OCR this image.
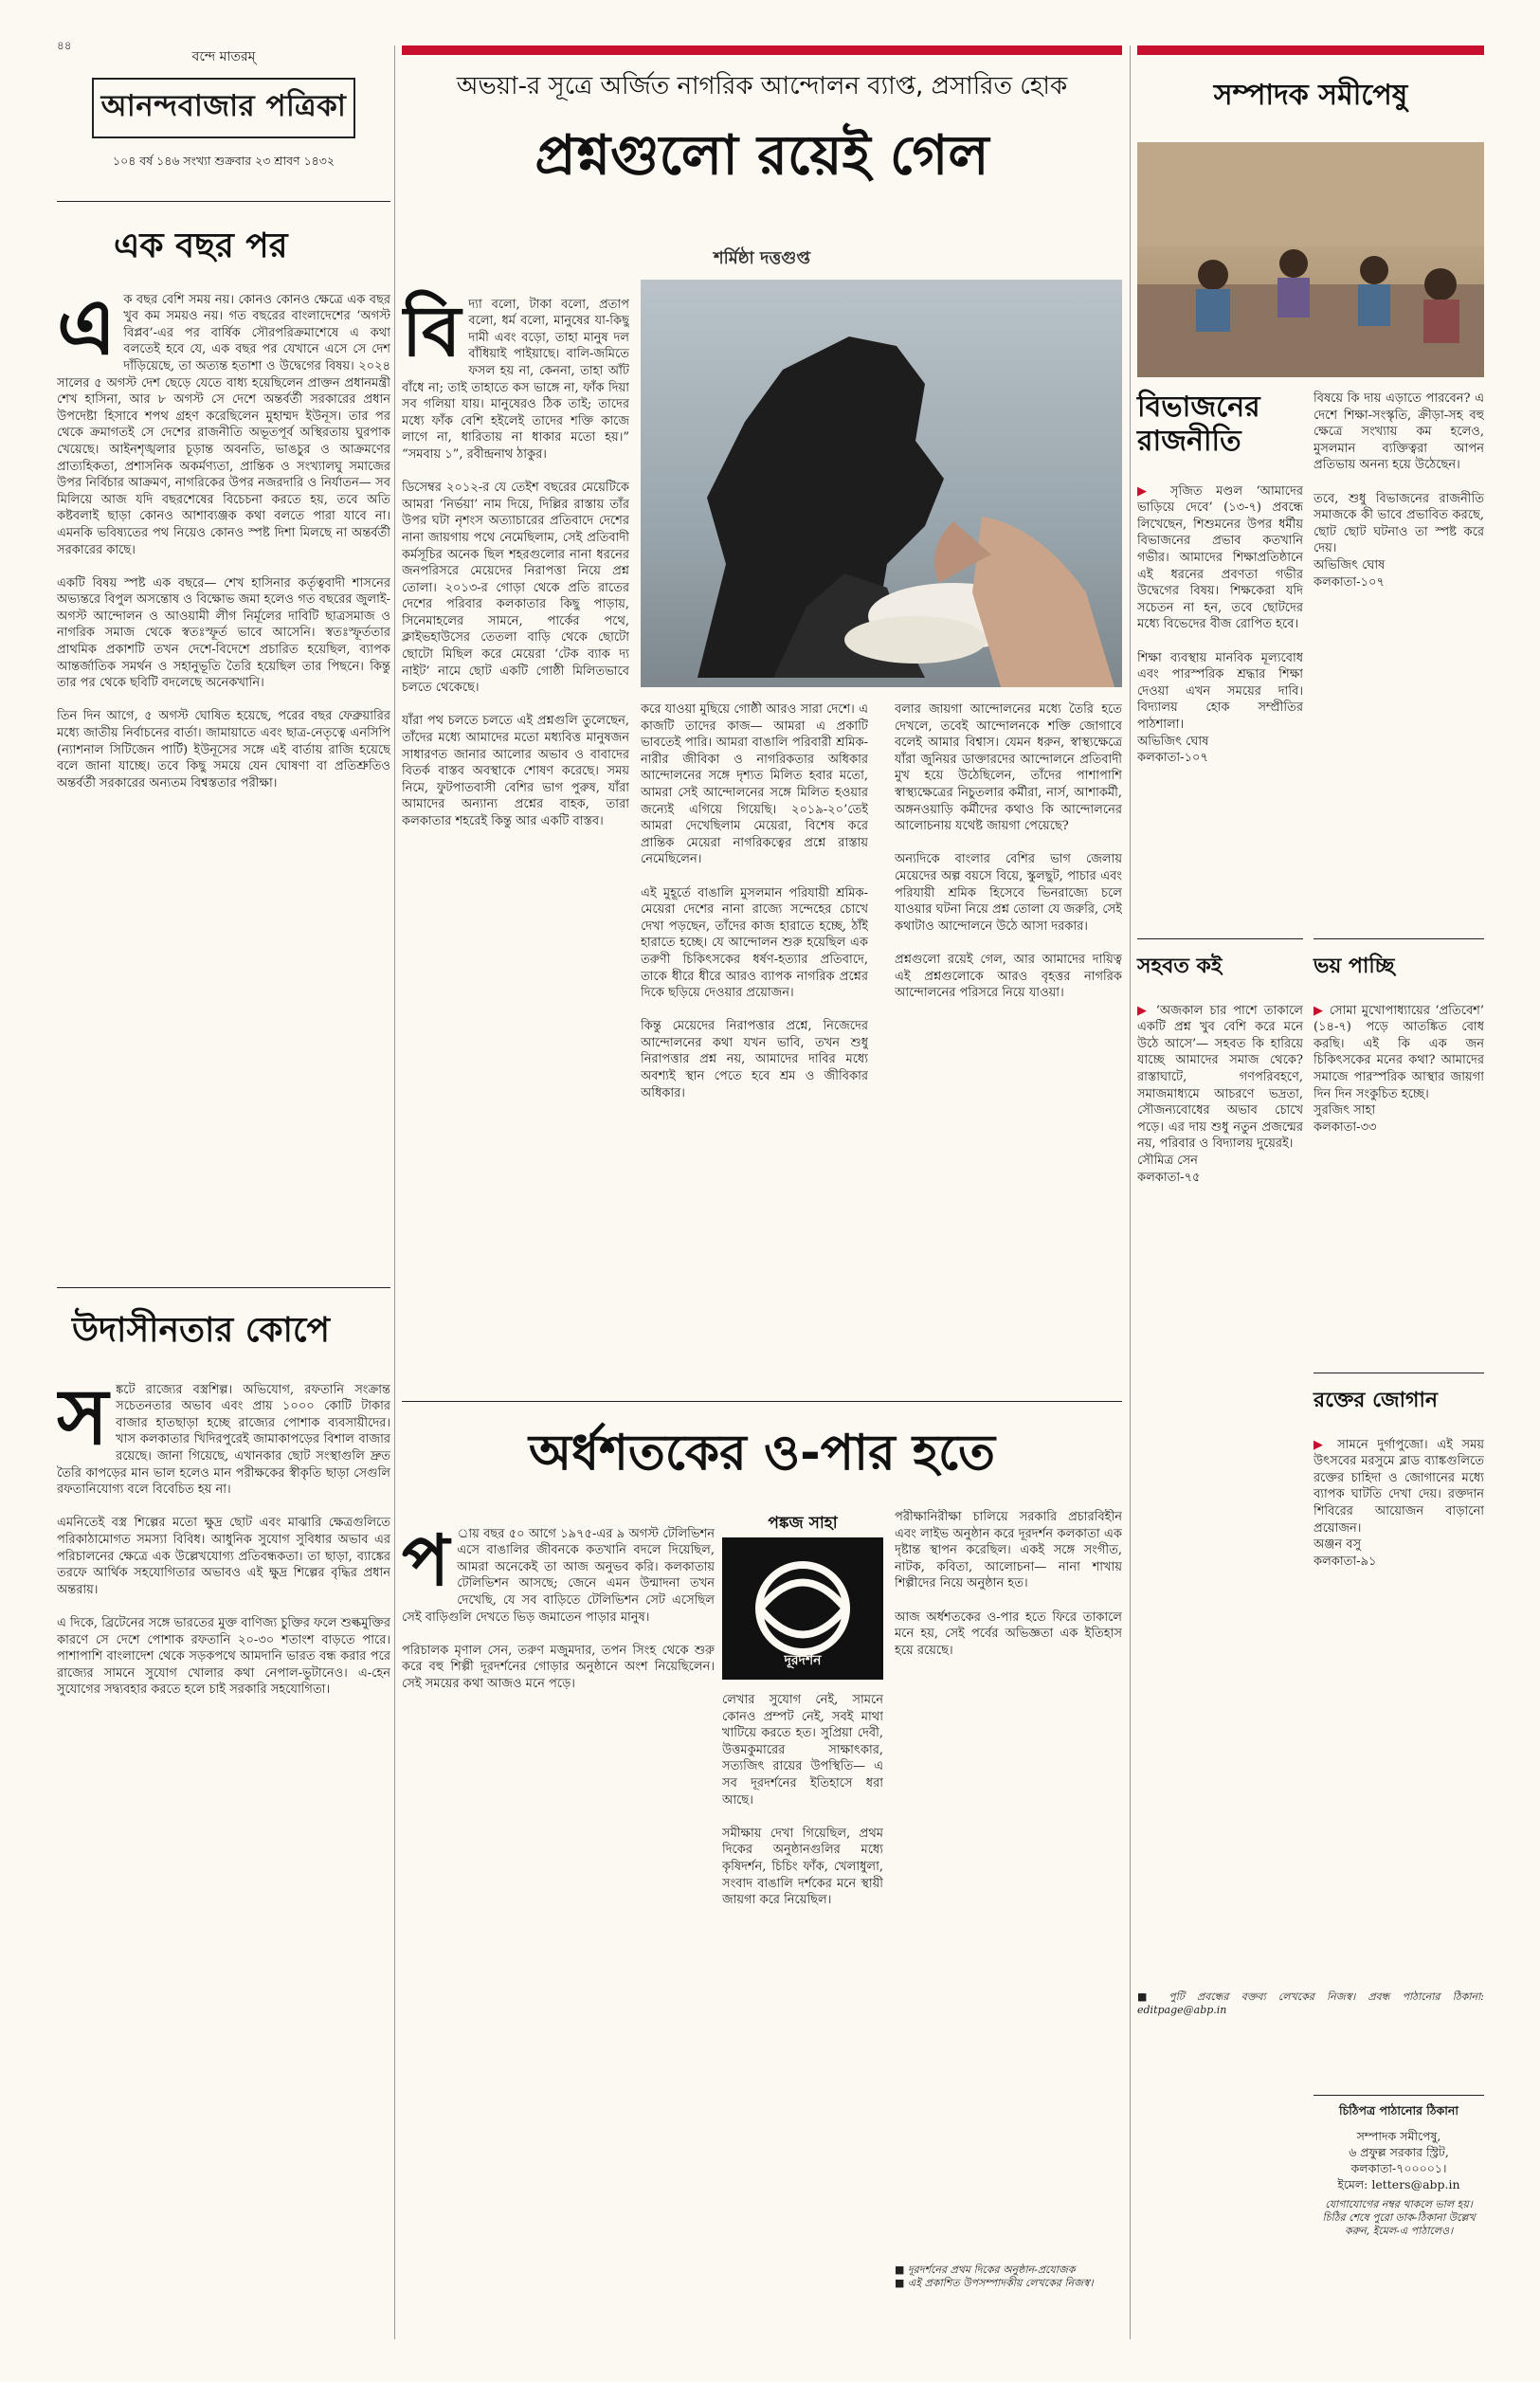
৪৪
বন্দে মাতরম্
আনন্দবাজার পত্রিকা
১০৪ বর্ষ ১৪৬ সংখ্যা শুক্রবার ২৩ শ্রাবণ ১৪৩২
এক বছর পর

এক বছর বেশি সময় নয়। কোনও কোনও ক্ষেত্রে এক বছর খুব কম সময়ও নয়। গত বছরের বাংলাদেশের ‘অগস্ট বিপ্লব’-এর পর বার্ষিক সৌরপরিক্রমাশেষে এ কথা বলতেই হবে যে, এক বছর পর যেখানে এসে সে দেশ দাঁড়িয়েছে, তা অত্যন্ত হতাশা ও উদ্বেগের বিষয়। ২০২৪ সালের ৫ অগস্ট দেশ ছেড়ে যেতে বাধ্য হয়েছিলেন প্রাক্তন প্রধানমন্ত্রী শেখ হাসিনা, আর ৮ অগস্ট সে দেশে অন্তর্বর্তী সরকারের প্রধান উপদেষ্টা হিসাবে শপথ গ্রহণ করেছিলেন মুহাম্মদ ইউনূস। তার পর থেকে ক্রমাগতই সে দেশের রাজনীতি অভূতপূর্ব অস্থিরতায় ঘুরপাক খেয়েছে। আইনশৃঙ্খলার চূড়ান্ত অবনতি, ভাঙচুর ও আক্রমণের প্রাত্যহিকতা, প্রশাসনিক অকর্মণ্যতা, প্রান্তিক ও সংখ্যালঘু সমাজের উপর নির্বিচার আক্রমণ, নাগরিকের উপর নজরদারি ও নির্যাতন— সব মিলিয়ে আজ যদি বছরশেষের বিচেচনা করতে হয়, তবে অতি কষ্টবলাই ছাড়া কোনও আশাব্যঞ্জক কথা বলতে পারা যাবে না। এমনকি ভবিষ্যতের পথ নিয়েও কোনও স্পষ্ট দিশা মিলছে না অন্তর্বর্তী সরকারের কাছে।

একটি বিষয় স্পষ্ট এক বছরে— শেখ হাসিনার কর্তৃত্ববাদী শাসনের অভ্যন্তরে বিপুল অসন্তোষ ও বিক্ষোভ জমা হলেও গত বছরের জুলাই-অগস্ট আন্দোলন ও আওয়ামী লীগ নির্মূলের দাবিটি ছাত্রসমাজ ও নাগরিক সমাজ থেকে স্বতঃস্ফূর্ত ভাবে আসেনি। স্বতঃস্ফূর্ততার প্রাথমিক প্রকাশটি তখন দেশে-বিদেশে প্রচারিত হয়েছিল, ব্যাপক আন্তর্জাতিক সমর্থন ও সহানুভূতি তৈরি হয়েছিল তার পিছনে। কিন্তু তার পর থেকে ছবিটি বদলেছে অনেকখানি।

তিন দিন আগে, ৫ অগস্ট ঘোষিত হয়েছে, পরের বছর ফেব্রুয়ারির মধ্যে জাতীয় নির্বাচনের বার্তা। জামায়াতে এবং ছাত্র-নেতৃত্বে এনসিপি (ন্যাশনাল সিটিজেন পার্টি) ইউনূসের সঙ্গে এই বার্তায় রাজি হয়েছে বলে জানা যাচ্ছে। তবে কিছু সময়ে যেন ঘোষণা বা প্রতিশ্রুতিও অন্তর্বর্তী সরকারের অন্যতম বিশ্বস্ততার পরীক্ষা।

উদাসীনতার কোপে

সঙ্কটে রাজ্যের বস্ত্রশিল্প। অভিযোগ, রফতানি সংক্রান্ত সচেতনতার অভাব এবং প্রায় ১০০০ কোটি টাকার বাজার হাতছাড়া হচ্ছে রাজ্যের পোশাক ব্যবসায়ীদের। খাস কলকাতার খিদিরপুরেই জামাকাপড়ের বিশাল বাজার রয়েছে। জানা গিয়েছে, এখানকার ছোট সংস্থাগুলি দ্রুত তৈরি কাপড়ের মান ভাল হলেও মান পরীক্ষকের স্বীকৃতি ছাড়া সেগুলি রফতানিযোগ্য বলে বিবেচিত হয় না।

এমনিতেই বস্ত্র শিল্পের মতো ক্ষুদ্র ছোট এবং মাঝারি ক্ষেত্রগুলিতে পরিকাঠামোগত সমস্যা বিবিধ। আধুনিক সুযোগ সুবিধার অভাব এর পরিচালনের ক্ষেত্রে এক উল্লেখযোগ্য প্রতিবন্ধকতা। তা ছাড়া, ব্যাঙ্কের তরফে আর্থিক সহযোগিতার অভাবও এই ক্ষুদ্র শিল্পের বৃদ্ধির প্রধান অন্তরায়।

এ দিকে, ব্রিটেনের সঙ্গে ভারতের মুক্ত বাণিজ্য চুক্তির ফলে শুল্কমুক্তির কারণে সে দেশে পোশাক রফতানি ২০-৩০ শতাংশ বাড়তে পারে। পাশাপাশি বাংলাদেশ থেকে সড়কপথে আমদানি ভারত বন্ধ করার পরে রাজ্যের সামনে সুযোগ খোলার কথা নেপাল-ভুটানেও। এ-হেন সুযোগের সদ্ব্যবহার করতে হলে চাই সরকারি সহযোগিতা।

অভয়া-র সূত্রে অর্জিত নাগরিক আন্দোলন ব্যাপ্ত, প্রসারিত হোক
প্রশ্নগুলো রয়েই গেল
শর্মিষ্ঠা দত্তগুপ্ত

বিদ্যা বলো, টাকা বলো, প্রতাপ বলো, ধর্ম বলো, মানুষের যা-কিছু দামী এবং বড়ো, তাহা মানুষ দল বাঁধিয়াই পাইয়াছে। বালি-জমিতে ফসল হয় না, কেননা, তাহা আঁট বাঁধে না; তাই তাহাতে কস ভাঙ্গে না, ফাঁক দিয়া সব গলিয়া যায়। মানুষেরও ঠিক তাই; তাদের মধ্যে ফাঁক বেশি হইলেই তাদের শক্তি কাজে লাগে না, ধারিতায় না ধাকার মতো হয়।” “সমবায় ১”, রবীন্দ্রনাথ ঠাকুর।

ডিসেম্বর ২০১২-র যে তেইশ বছরের মেয়েটিকে আমরা ‘নির্ভয়া’ নাম দিয়ে, দিল্লির রাস্তায় তাঁর উপর ঘটা নৃশংস অত্যাচারের প্রতিবাদে দেশের নানা জায়গায় পথে নেমেছিলাম, সেই প্রতিবাদী কর্মসূচির অনেক ছিল শহরগুলোর নানা ধরনের জনপরিসরে মেয়েদের নিরাপত্তা নিয়ে প্রশ্ন তোলা। ২০১৩-র গোড়া থেকে প্রতি রাতের দেশের পরিবার কলকাতার কিছু পাড়ায়, সিনেমাহলের সামনে, পার্কের পথে, ক্লাইভহাউসের তেতলা বাড়ি থেকে ছোটো ছোটো মিছিল করে মেয়েরা ‘টেক ব্যাক দ্য নাইট’ নামে ছোট একটি গোষ্ঠী মিলিতভাবে চলতে থেকেছে।

যাঁরা পথ চলতে চলতে এই প্রশ্নগুলি তুলেছেন, তাঁদের মধ্যে আমাদের মতো মধ্যবিত্ত মানুষজন সাধারণত জানার আলোর অভাব ও বাবাদের বিতর্ক বাস্তব অবস্থাকে শোষণ করেছে। সময় নিমে, ফুটপাতবাসী বেশির ভাগ পুরুষ, যাঁরা আমাদের অন্যান্য প্রশ্নের বাহক, তারা কলকাতার শহরেই কিন্তু আর একটি বাস্তব।

করে যাওয়া মুছিয়ে গোষ্ঠী আরও সারা দেশে। এ কাজটি তাদের কাজ— আমরা এ প্রকাটি ভাবতেই পারি। আমরা বাঙালি পরিবারী শ্রমিক-নারীর জীবিকা ও নাগরিকতার অধিকার আন্দোলনের সঙ্গে দৃশ্যত মিলিত হবার মতো, আমরা সেই আন্দোলনের সঙ্গে মিলিত হওয়ার জন্যেই এগিয়ে গিয়েছি। ২০১৯-২০’তেই আমরা দেখেছিলাম মেয়েরা, বিশেষ করে প্রান্তিক মেয়েরা নাগরিকত্বের প্রশ্নে রাস্তায় নেমেছিলেন।

এই মুহূর্তে বাঙালি মুসলমান পরিযায়ী শ্রমিক-মেয়েরা দেশের নানা রাজ্যে সন্দেহের চোখে দেখা পড়ছেন, তাঁদের কাজ হারাতে হচ্ছে, ঠাঁই হারাতে হচ্ছে। যে আন্দোলন শুরু হয়েছিল এক তরুণী চিকিৎসকের ধর্ষণ-হত্যার প্রতিবাদে, তাকে ধীরে ধীরে আরও ব্যাপক নাগরিক প্রশ্নের দিকে ছড়িয়ে দেওয়ার প্রয়োজন।

কিন্তু মেয়েদের নিরাপত্তার প্রশ্নে, নিজেদের আন্দোলনের কথা যখন ভাবি, তখন শুধু নিরাপত্তার প্রশ্ন নয়, আমাদের দাবির মধ্যে অবশ্যই স্থান পেতে হবে শ্রম ও জীবিকার অধিকার।
বলার জায়গা আন্দোলনের মধ্যে তৈরি হতে দেখলে, তবেই আন্দোলনকে শক্তি জোগাবে বলেই আমার বিশ্বাস। যেমন ধরুন, স্বাস্থ্যক্ষেত্রে যাঁরা জুনিয়র ডাক্তারদের আন্দোলনে প্রতিবাদী মুখ হয়ে উঠেছিলেন, তাঁদের পাশাপাশি স্বাস্থ্যক্ষেত্রের নিচুতলার কর্মীরা, নার্স, আশাকর্মী, অঙ্গনওয়াড়ি কর্মীদের কথাও কি আন্দোলনের আলোচনায় যথেষ্ট জায়গা পেয়েছে?

অন্যদিকে বাংলার বেশির ভাগ জেলায় মেয়েদের অল্প বয়সে বিয়ে, স্কুলছুট, পাচার এবং পরিযায়ী শ্রমিক হিসেবে ভিনরাজ্যে চলে যাওয়ার ঘটনা নিয়ে প্রশ্ন তোলা যে জরুরি, সেই কথাটাও আন্দোলনে উঠে আসা দরকার।

প্রশ্নগুলো রয়েই গেল, আর আমাদের দায়িত্ব এই প্রশ্নগুলোকে আরও বৃহত্তর নাগরিক আন্দোলনের পরিসরে নিয়ে যাওয়া।
অর্ধশতকের ও-পার হতে

প ্রায় বছর ৫০ আগে ১৯৭৫-এর ৯ অগস্ট টেলিভিশন এসে বাঙালির জীবনকে কতখানি বদলে দিয়েছিল, আমরা অনেকেই তা আজ অনুভব করি। কলকাতায় টেলিভিশন আসছে; জেনে এমন উন্মাদনা তখন দেখেছি, যে সব বাড়িতে টেলিভিশন সেট এসেছিল সেই বাড়িগুলি দেখতে ভিড় জমাতেন পাড়ার মানুষ।

পরিচালক মৃণাল সেন, তরুণ মজুমদার, তপন সিংহ থেকে শুরু করে বহু শিল্পী দূরদর্শনের গোড়ার অনুষ্ঠানে অংশ নিয়েছিলেন। সেই সময়ের কথা আজও মনে পড়ে।

পঙ্কজ সাহা
দূরদর্শন
লেখার সুযোগ নেই, সামনে কোনও প্রম্পট নেই, সবই মাথা খাটিয়ে করতে হত। সুপ্রিয়া দেবী, উত্তমকুমারের সাক্ষাৎকার, সত্যজিৎ রায়ের উপস্থিতি— এ সব দূরদর্শনের ইতিহাসে ধরা আছে।

সমীক্ষায় দেখা গিয়েছিল, প্রথম দিকের অনুষ্ঠানগুলির মধ্যে কৃষিদর্শন, চিচিং ফাঁক, খেলাধুলা, সংবাদ বাঙালি দর্শকের মনে স্থায়ী জায়গা করে নিয়েছিল।
পরীক্ষানিরীক্ষা চালিয়ে সরকারি প্রচারবিহীন এবং লাইভ অনুষ্ঠান করে দূরদর্শন কলকাতা এক দৃষ্টান্ত স্থাপন করেছিল। একই সঙ্গে সংগীত, নাটক, কবিতা, আলোচনা— নানা শাখায় শিল্পীদের নিয়ে অনুষ্ঠান হত।

আজ অর্ধশতকের ও-পার হতে ফিরে তাকালে মনে হয়, সেই পর্বের অভিজ্ঞতা এক ইতিহাস হয়ে রয়েছে।
■ দূরদর্শনের প্রথম দিকের অনুষ্ঠান-প্রযোজক
■ এই প্রকাশিত উপসম্পাদকীয় লেখকের নিজস্ব।
সম্পাদক সমীপেষু
বিভাজনের রাজনীতি

▶ সৃজিত মণ্ডল ‘আমাদের ভাড়িয়ে দেবে’ (১৩-৭) প্রবন্ধে লিখেছেন, শিশুমনের উপর ধর্মীয় বিভাজনের প্রভাব কতখানি গভীর। আমাদের শিক্ষাপ্রতিষ্ঠানে এই ধরনের প্রবণতা গভীর উদ্বেগের বিষয়। শিক্ষকেরা যদি সচেতন না হন, তবে ছোটদের মধ্যে বিভেদের বীজ রোপিত হবে।

শিক্ষা ব্যবস্থায় মানবিক মূল্যবোধ এবং পারস্পরিক শ্রদ্ধার শিক্ষা দেওয়া এখন সময়ের দাবি। বিদ্যালয় হোক সম্প্রীতির পাঠশালা।
অভিজিৎ ঘোষ
কলকাতা-১০৭

বিষয়ে কি দায় এড়াতে পারবেন? এ দেশে শিক্ষা-সংস্কৃতি, ক্রীড়া-সহ বহু ক্ষেত্রে সংখ্যায় কম হলেও, মুসলমান ব্যক্তিত্বরা আপন প্রতিভায় অনন্য হয়ে উঠেছেন।

তবে, শুধু বিভাজনের রাজনীতি সমাজকে কী ভাবে প্রভাবিত করছে, ছোট ছোট ঘটনাও তা স্পষ্ট করে দেয়।
অভিজিৎ ঘোষ
কলকাতা-১০৭
সহবত কই

▶ ‘অজকাল চার পাশে তাকালে একটি প্রশ্ন খুব বেশি করে মনে উঠে আসে’— সহবত কি হারিয়ে যাচ্ছে আমাদের সমাজ থেকে? রাস্তাঘাটে, গণপরিবহণে, সমাজমাধ্যমে আচরণে ভদ্রতা, সৌজন্যবোধের অভাব চোখে পড়ে। এর দায় শুধু নতুন প্রজন্মের নয়, পরিবার ও বিদ্যালয় দুয়েরই।
সৌমিত্র সেন
কলকাতা-৭৫

ভয় পাচ্ছি

▶ সোমা মুখোপাধ্যায়ের ‘প্রতিবেশ’ (১৪-৭) পড়ে আতঙ্কিত বোধ করছি। এই কি এক জন চিকিৎসকের মনের কথা? আমাদের সমাজে পারস্পরিক আস্থার জায়গা দিন দিন সংকুচিত হচ্ছে।
সুরজিৎ সাহা
কলকাতা-৩৩

রক্তের জোগান

▶ সামনে দুর্গাপুজো। এই সময় উৎসবের মরসুমে ব্লাড ব্যাঙ্কগুলিতে রক্তের চাহিদা ও জোগানের মধ্যে ব্যাপক ঘাটতি দেখা দেয়। রক্তদান শিবিরের আয়োজন বাড়ানো প্রয়োজন।
অঞ্জন বসু
কলকাতা-৯১

■ পুটি প্রবন্ধের বক্তব্য লেখকের নিজস্ব। প্রবন্ধ পাঠানোর ঠিকানা: editpage@abp.in
চিঠিপত্র পাঠানোর ঠিকানা
সম্পাদক সমীপেষু,
৬ প্রফুল্ল সরকার স্ট্রিট,
কলকাতা-৭০০০০১।
ইমেল: letters@abp.in
যোগাযোগের নম্বর থাকলে ভাল হয়। চিঠির শেষে পুরো ডাক-ঠিকানা উল্লেখ করুন, ইমেল-এ পাঠালেও।
